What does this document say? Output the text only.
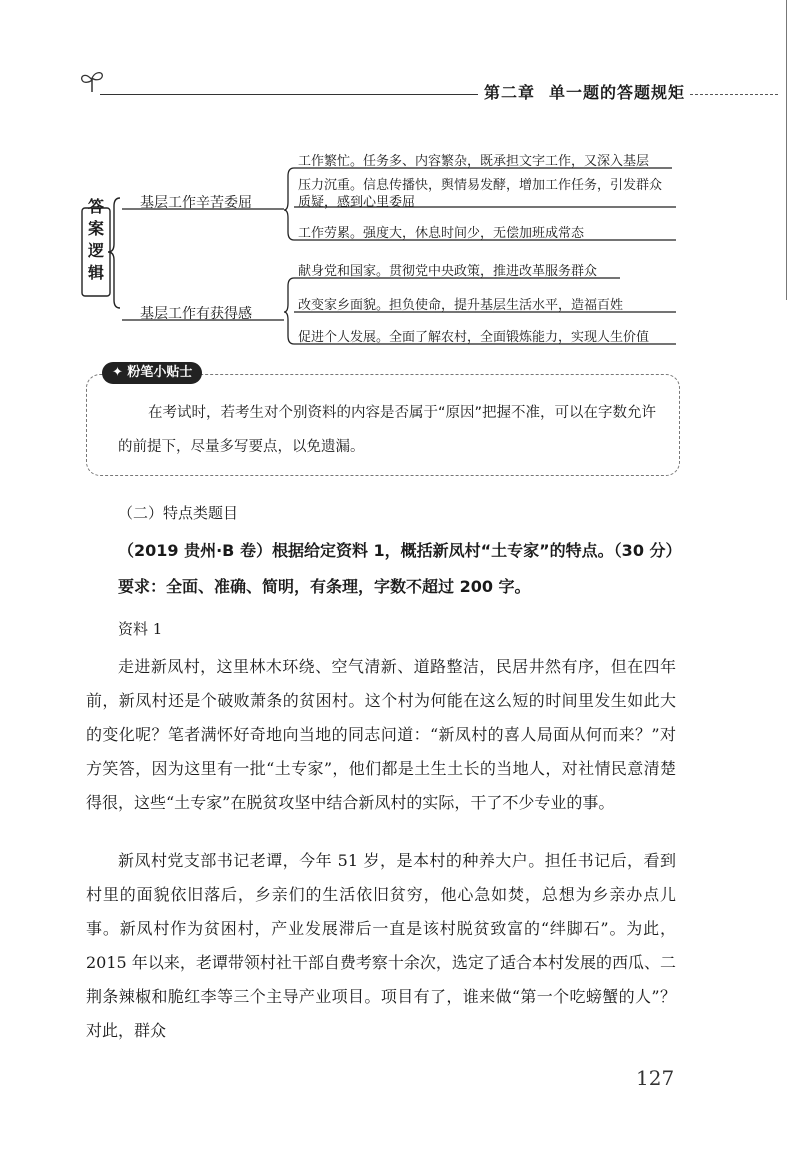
第二章 单一题的答题规矩
答案逻辑
基层工作辛苦委屈
工作繁忙。任务多、内容繁杂，既承担文字工作，又深入基层
压力沉重。信息传播快，舆情易发酵，增加工作任务，引发群众
质疑，感到心里委屈
工作劳累。强度大，休息时间少，无偿加班成常态
基层工作有获得感
献身党和国家。贯彻党中央政策，推进改革服务群众
改变家乡面貌。担负使命，提升基层生活水平，造福百姓
促进个人发展。全面了解农村，全面锻炼能力，实现人生价值
✦ 粉笔小贴士
在考试时，若考生对个别资料的内容是否属于“原因”把握不准，可以在字数允许的前提下，尽量多写要点，以免遗漏。
（二）特点类题目
（2019 贵州·B 卷）根据给定资料 1，概括新凤村“土专家”的特点。（30 分）
要求：全面、准确、简明，有条理，字数不超过 200 字。
资料 1
走进新凤村，这里林木环绕、空气清新、道路整洁，民居井然有序，但在四年前，新凤村还是个破败萧条的贫困村。这个村为何能在这么短的时间里发生如此大的变化呢？笔者满怀好奇地向当地的同志问道：“新凤村的喜人局面从何而来？”对方笑答，因为这里有一批“土专家”，他们都是土生土长的当地人，对社情民意清楚得很，这些“土专家”在脱贫攻坚中结合新凤村的实际，干了不少专业的事。
新凤村党支部书记老谭，今年 51 岁，是本村的种养大户。担任书记后，看到村里的面貌依旧落后，乡亲们的生活依旧贫穷，他心急如焚，总想为乡亲办点儿事。新凤村作为贫困村，产业发展滞后一直是该村脱贫致富的“绊脚石”。为此，2015 年以来，老谭带领村社干部自费考察十余次，选定了适合本村发展的西瓜、二荆条辣椒和脆红李等三个主导产业项目。项目有了，谁来做“第一个吃螃蟹的人”？对此，群众
127
